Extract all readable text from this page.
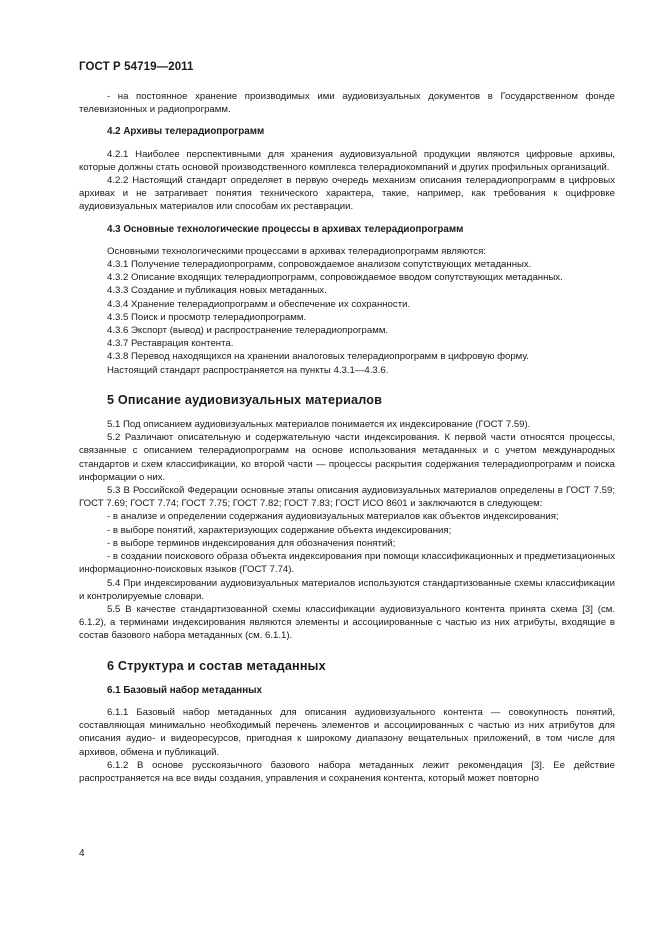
ГОСТ Р 54719—2011

- на постоянное хранение производимых ими аудиовизуальных документов в Государственном фонде телевизионных и радиопрограмм.

4.2 Архивы телерадиопрограмм

4.2.1 Наиболее перспективными для хранения аудиовизуальной продукции являются цифровые архивы, которые должны стать основой производственного комплекса телерадиокомпаний и других профильных организаций.

4.2.2 Настоящий стандарт определяет в первую очередь механизм описания телерадиопрограмм в цифровых архивах и не затрагивает понятия технического характера, такие, например, как требования к оцифровке аудиовизуальных материалов или способам их реставрации.

4.3 Основные технологические процессы в архивах телерадиопрограмм

Основными технологическими процессами в архивах телерадиопрограмм являются:

4.3.1 Получение телерадиопрограмм, сопровождаемое анализом сопутствующих метаданных.

4.3.2 Описание входящих телерадиопрограмм, сопровождаемое вводом сопутствующих метаданных.

4.3.3 Создание и публикация новых метаданных.

4.3.4 Хранение телерадиопрограмм и обеспечение их сохранности.

4.3.5 Поиск и просмотр телерадиопрограмм.

4.3.6 Экспорт (вывод) и распространение телерадиопрограмм.

4.3.7 Реставрация контента.

4.3.8 Перевод находящихся на хранении аналоговых телерадиопрограмм в цифровую форму.

Настоящий стандарт распространяется на пункты 4.3.1—4.3.6.

5 Описание аудиовизуальных материалов

5.1 Под описанием аудиовизуальных материалов понимается их индексирование (ГОСТ 7.59).

5.2 Различают описательную и содержательную части индексирования. К первой части относятся процессы, связанные с описанием телерадиопрограмм на основе использования метаданных и с учетом международных стандартов и схем классификации, ко второй части — процессы раскрытия содержания телерадиопрограмм и поиска информации о них.

5.3 В Российской Федерации основные этапы описания аудиовизуальных материалов определены в ГОСТ 7.59; ГОСТ 7.69; ГОСТ 7.74; ГОСТ 7.75; ГОСТ 7.82; ГОСТ 7.83; ГОСТ ИСО 8601 и заключаются в следующем:

- в анализе и определении содержания аудиовизуальных материалов как объектов индексирования;

- в выборе понятий, характеризующих содержание объекта индексирования;

- в выборе терминов индексирования для обозначения понятий;

- в создании поискового образа объекта индексирования при помощи классификационных и предметизационных информационно-поисковых языков (ГОСТ 7.74).

5.4 При индексировании аудиовизуальных материалов используются стандартизованные схемы классификации и контролируемые словари.

5.5 В качестве стандартизованной схемы классификации аудиовизуального контента принята схема [3] (см. 6.1.2), а терминами индексирования являются элементы и ассоциированные с частью из них атрибуты, входящие в состав базового набора метаданных (см. 6.1.1).

6 Структура и состав метаданных

6.1 Базовый набор метаданных

6.1.1 Базовый набор метаданных для описания аудиовизуального контента — совокупность понятий, составляющая минимально необходимый перечень элементов и ассоциированных с частью из них атрибутов для описания аудио- и видеоресурсов, пригодная к широкому диапазону вещательных приложений, в том числе для архивов, обмена и публикаций.

6.1.2 В основе русскоязычного базового набора метаданных лежит рекомендация [3]. Ее действие распространяется на все виды создания, управления и сохранения контента, который может повторно

4
